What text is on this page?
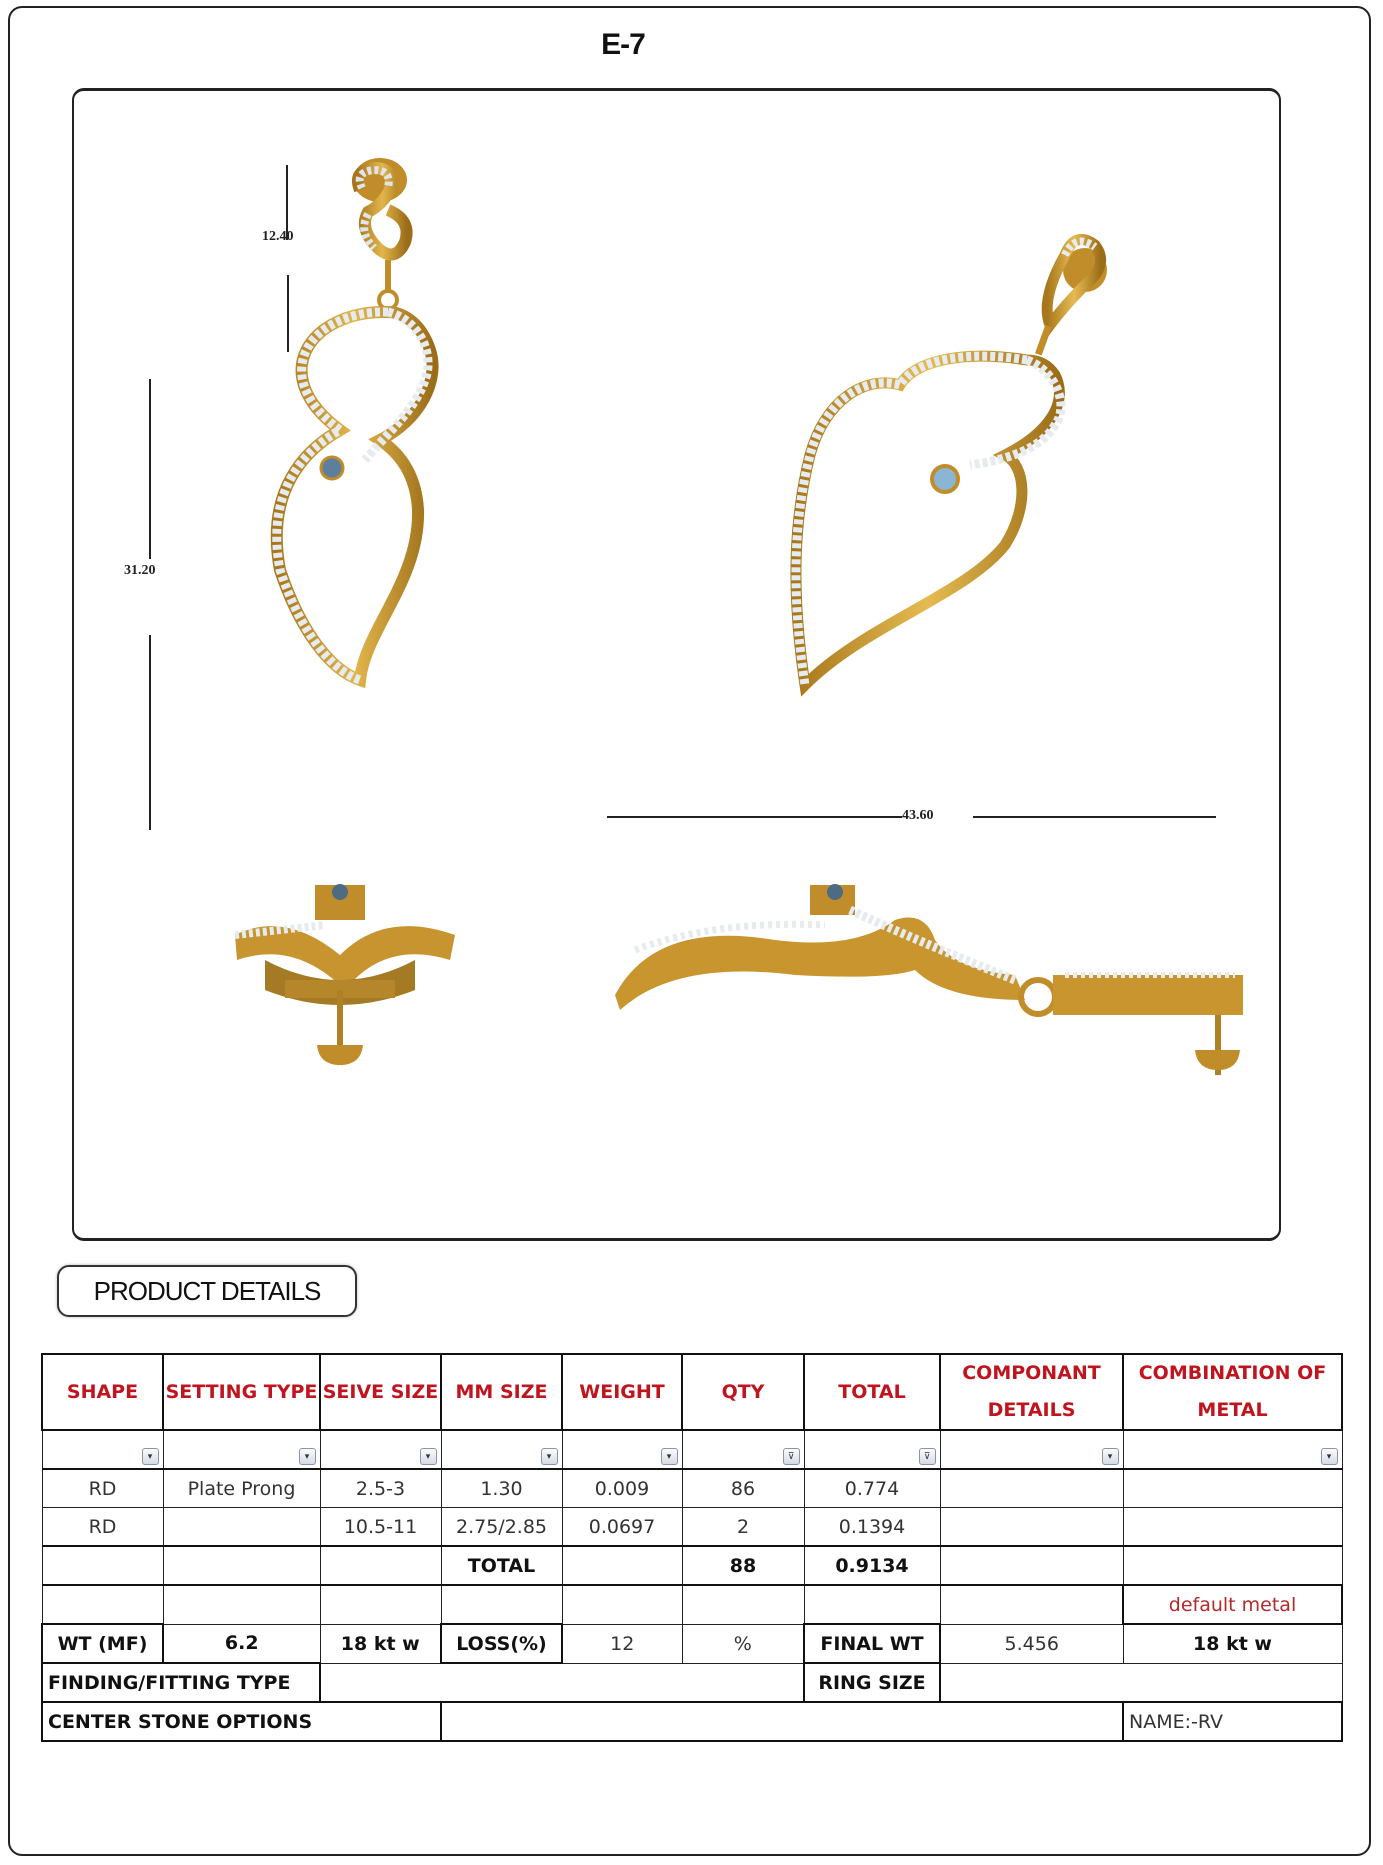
E-7
12.40
31.20
43.60
PRODUCT DETAILS
SHAPE	SETTING TYPE	SEIVE SIZE	MM SIZE	WEIGHT	QTY	TOTAL	COMPONANT DETAILS	COMBINATION OF METAL

▾	▾	▾	▾	▾	⊽	⊽	▾	▾

RD	Plate Prong	2.5-3	1.30	0.009	86	0.774		
RD		10.5-11	2.75/2.85	0.0697	2	0.1394		
			TOTAL		88	0.9134		
								default metal
WT (MF)	6.2	18 kt w	LOSS(%)	12	%	FINAL WT	5.456	18 kt w
FINDING/FITTING TYPE						RING SIZE		
CENTER STONE OPTIONS								NAME:-RV
